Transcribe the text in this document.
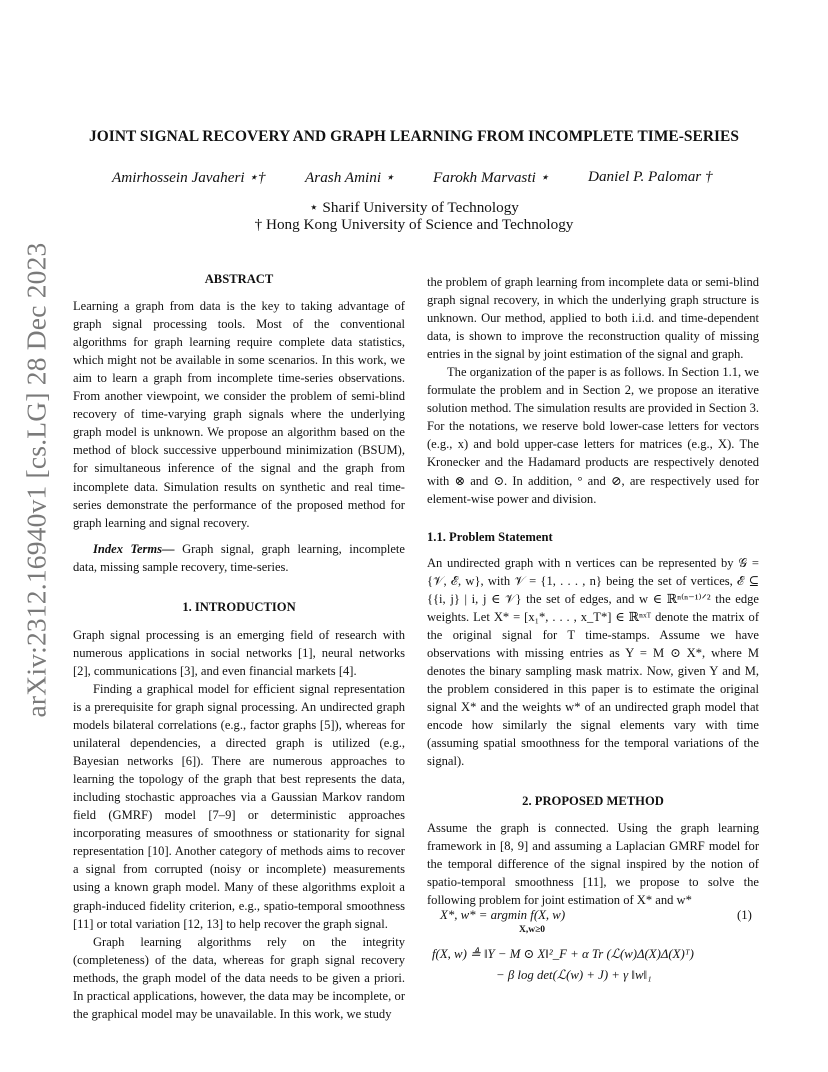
arXiv:2312.16940v1 [cs.LG] 28 Dec 2023
JOINT SIGNAL RECOVERY AND GRAPH LEARNING FROM INCOMPLETE TIME-SERIES
Amirhossein Javaheri ⋆†	Arash Amini ⋆	Farokh Marvasti ⋆	Daniel P. Palomar †
⋆ Sharif University of Technology
† Hong Kong University of Science and Technology
ABSTRACT

Learning a graph from data is the key to taking advantage of graph signal processing tools. Most of the conventional algorithms for graph learning require complete data statistics, which might not be available in some scenarios. In this work, we aim to learn a graph from incomplete time-series observations. From another viewpoint, we consider the problem of semi-blind recovery of time-varying graph signals where the underlying graph model is unknown. We propose an algorithm based on the method of block successive upperbound minimization (BSUM), for simultaneous inference of the signal and the graph from incomplete data. Simulation results on synthetic and real time-series demonstrate the performance of the proposed method for graph learning and signal recovery.

Index Terms— Graph signal, graph learning, incomplete data, missing sample recovery, time-series.

1. INTRODUCTION

Graph signal processing is an emerging field of research with numerous applications in social networks [1], neural networks [2], communications [3], and even financial markets [4].

Finding a graphical model for efficient signal representation is a prerequisite for graph signal processing. An undirected graph models bilateral correlations (e.g., factor graphs [5]), whereas for unilateral dependencies, a directed graph is utilized (e.g., Bayesian networks [6]). There are numerous approaches to learning the topology of the graph that best represents the data, including stochastic approaches via a Gaussian Markov random field (GMRF) model [7–9] or deterministic approaches incorporating measures of smoothness or stationarity for signal representation [10]. Another category of methods aims to recover a signal from corrupted (noisy or incomplete) measurements using a known graph model. Many of these algorithms exploit a graph-induced fidelity criterion, e.g., spatio-temporal smoothness [11] or total variation [12, 13] to help recover the graph signal.

Graph learning algorithms rely on the integrity (completeness) of the data, whereas for graph signal recovery methods, the graph model of the data needs to be given a priori. In practical applications, however, the data may be incomplete, or the graphical model may be unavailable. In this work, we study

the problem of graph learning from incomplete data or semi-blind graph signal recovery, in which the underlying graph structure is unknown. Our method, applied to both i.i.d. and time-dependent data, is shown to improve the reconstruction quality of missing entries in the signal by joint estimation of the signal and graph.

The organization of the paper is as follows. In Section 1.1, we formulate the problem and in Section 2, we propose an iterative solution method. The simulation results are provided in Section 3. For the notations, we reserve bold lower-case letters for vectors (e.g., x) and bold upper-case letters for matrices (e.g., X). The Kronecker and the Hadamard products are respectively denoted with ⊗ and ⊙. In addition, ° and ⊘, are respectively used for element-wise power and division.

1.1. Problem Statement

An undirected graph with n vertices can be represented by 𝒢 = {𝒱, ℰ, w}, with 𝒱 = {1, . . . , n} being the set of vertices, ℰ ⊆ {{i, j} | i, j ∈ 𝒱} the set of edges, and w ∈ ℝⁿ⁽ⁿ⁻¹⁾ᐟ² the edge weights. Let X* = [x₁*, . . . , x_T*] ∈ ℝⁿˣᵀ denote the matrix of the original signal for T time-stamps. Assume we have observations with missing entries as Y = M ⊙ X*, where M denotes the binary sampling mask matrix. Now, given Y and M, the problem considered in this paper is to estimate the original signal X* and the weights w* of an undirected graph model that encode how similarly the signal elements vary with time (assuming spatial smoothness for the temporal variations of the signal).

2. PROPOSED METHOD

Assume the graph is connected. Using the graph learning framework in [8, 9] and assuming a Laplacian GMRF model for the temporal difference of the signal inspired by the notion of spatio-temporal smoothness [11], we propose to solve the following problem for joint estimation of X* and w*

X*, w* = argmin f(X, w)
X,w≥0
(1)
f(X, w) ≜ ‖Y − M ⊙ X‖²_F + α Tr (ℒ(w)Δ(X)Δ(X)ᵀ)
− β log det(ℒ(w) + J) + γ ‖w‖₁
